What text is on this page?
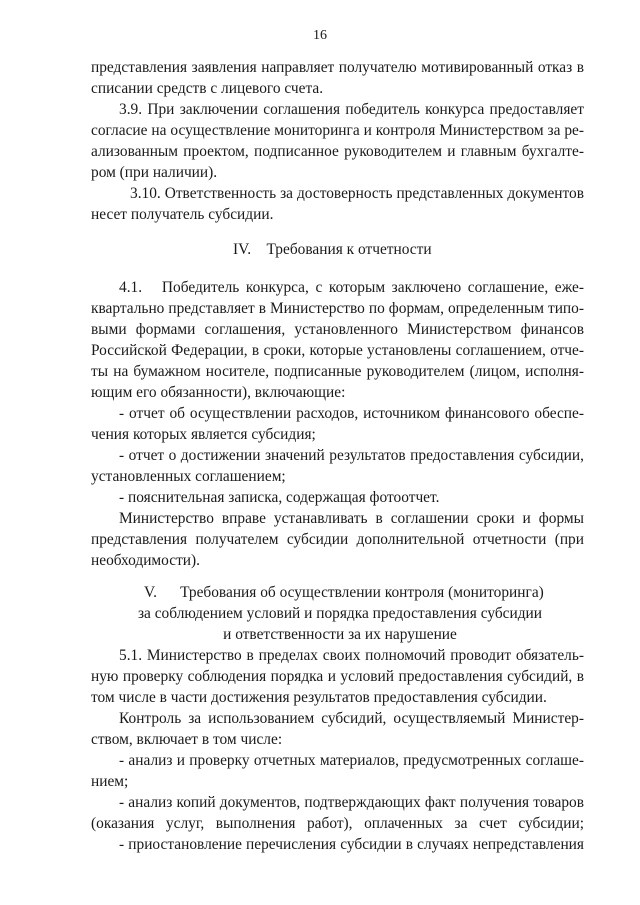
16
представления заявления направляет получателю мотивированный отказ в
списании средств с лицевого счета.
3.9. При заключении соглашения победитель конкурса предоставляет
согласие на осуществление мониторинга и контроля Министерством за ре-
ализованным проектом, подписанное руководителем и главным бухгалте-
ром (при наличии).
3.10. Ответственность за достоверность представленных документов
несет получатель субсидии.
IV.    Требования к отчетности
4.1.   Победитель конкурса, с которым заключено соглашение, еже-
квартально представляет в Министерство по формам, определенным типо-
выми формами соглашения, установленного Министерством финансов
Российской Федерации, в сроки, которые установлены соглашением, отче-
ты на бумажном носителе, подписанные руководителем (лицом, исполня-
ющим его обязанности), включающие:
- отчет об осуществлении расходов, источником финансового обеспе-
чения которых является субсидия;
- отчет о достижении значений результатов предоставления субсидии,
установленных соглашением;
- пояснительная записка, содержащая фотоотчет.
Министерство вправе устанавливать в соглашении сроки и формы
представления получателем субсидии дополнительной отчетности (при
необходимости).
V.      Требования об осуществлении контроля (мониторинга)
за соблюдением условий и порядка предоставления субсидии
и ответственности за их нарушение
5.1. Министерство в пределах своих полномочий проводит обязатель-
ную проверку соблюдения порядка и условий предоставления субсидий, в
том числе в части достижения результатов предоставления субсидии.
Контроль за использованием субсидий, осуществляемый Министер-
ством, включает в том числе:
- анализ и проверку отчетных материалов, предусмотренных соглаше-
нием;
- анализ копий документов, подтверждающих факт получения товаров
(оказания услуг, выполнения работ), оплаченных за счет субсидии;
- приостановление перечисления субсидии в случаях непредставления
